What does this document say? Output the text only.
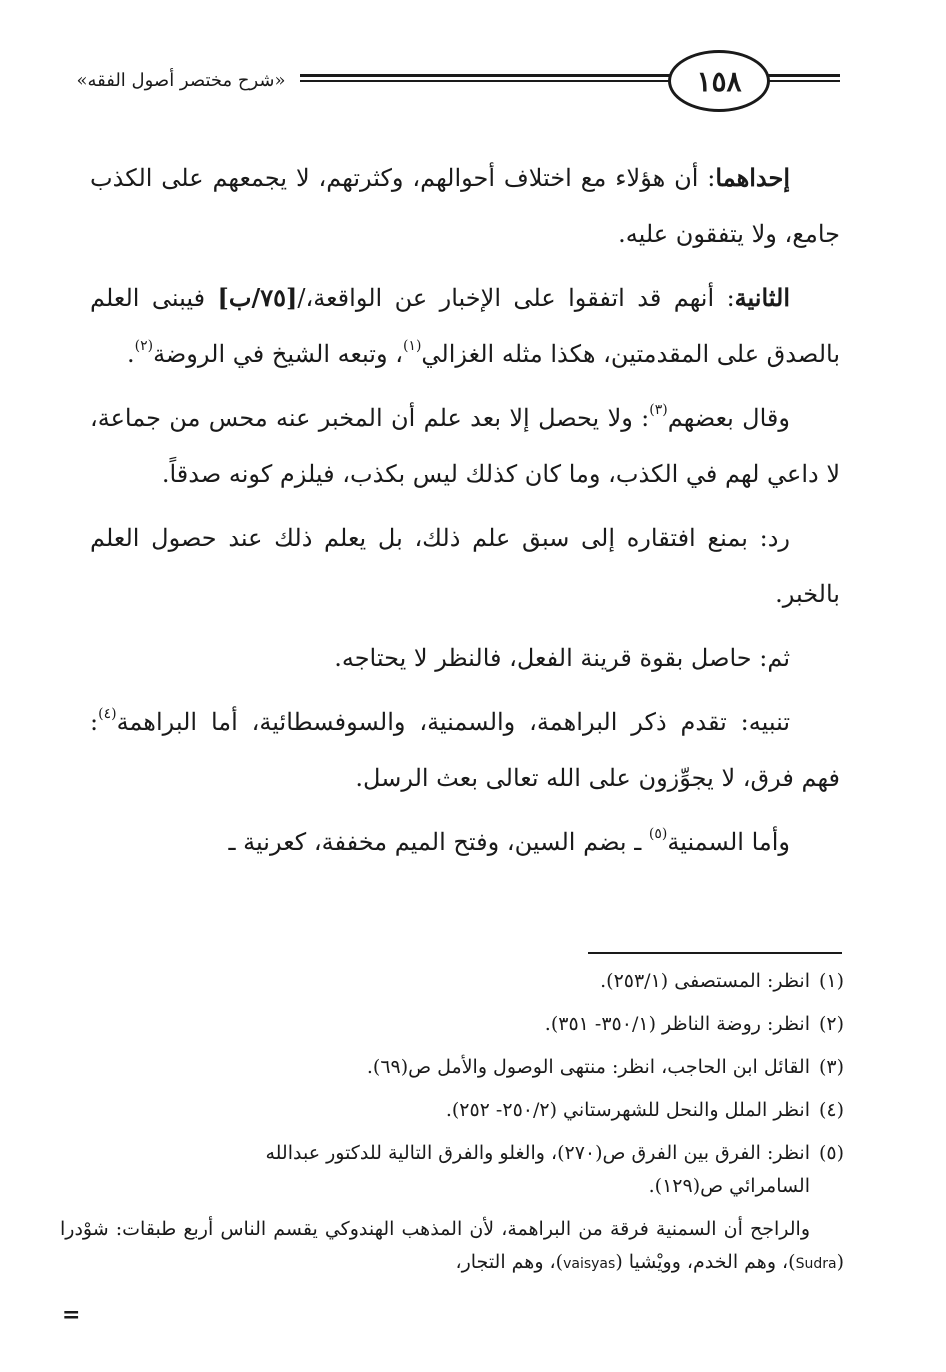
«شرح مختصر أصول الفقه»	١٥٨

إحداهما: أن هؤلاء مع اختلاف أحوالهم، وكثرتهم، لا يجمعهم على الكذب جامع، ولا يتفقون عليه.

الثانية: أنهم قد اتفقوا على الإخبار عن الواقعة،/[٧٥/ب] فيبنى العلم بالصدق على المقدمتين، هكذا مثله الغزالي$^{(١)}$، وتبعه الشيخ في الروضة$^{(٢)}$.

وقال بعضهم$^{(٣)}$: ولا يحصل إلا بعد علم أن المخبر عنه محس من جماعة، لا داعي لهم في الكذب، وما كان كذلك ليس بكذب، فيلزم كونه صدقاً.

رد: بمنع افتقاره إلى سبق علم ذلك، بل يعلم ذلك عند حصول العلم بالخبر.

ثم: حاصل بقوة قرينة الفعل، فالنظر لا يحتاجه.

تنبيه: تقدم ذكر البراهمة، والسمنية، والسوفسطائية، أما البراهمة$^{(٤)}$: فهم فرق، لا يجوِّزون على الله تعالى بعث الرسل.

وأما السمنية$^{(٥)}$ ـ بضم السين، وفتح الميم مخففة، كعرنية ـ

(١)انظر: المستصفى (٢٥٣/١).
(٢)انظر: روضة الناظر (٣٥٠/١- ٣٥١).
(٣)القائل ابن الحاجب، انظر: منتهى الوصول والأمل ص(٦٩).
(٤)انظر الملل والنحل للشهرستاني (٢٥٠/٢- ٢٥٢).
(٥)انظر: الفرق بين الفرق ص(٢٧٠)، والغلو والفرق التالية للدكتور عبدالله
السامرائي ص(١٢٩).
والراجح أن السمنية فرقة من البراهمة، لأن المذهب الهندوكي يقسم الناس أربع طبقات: شوْدرا (Sudra)، وهم الخدم، وويْشيا (vaisyas)، وهم التجار،
=
